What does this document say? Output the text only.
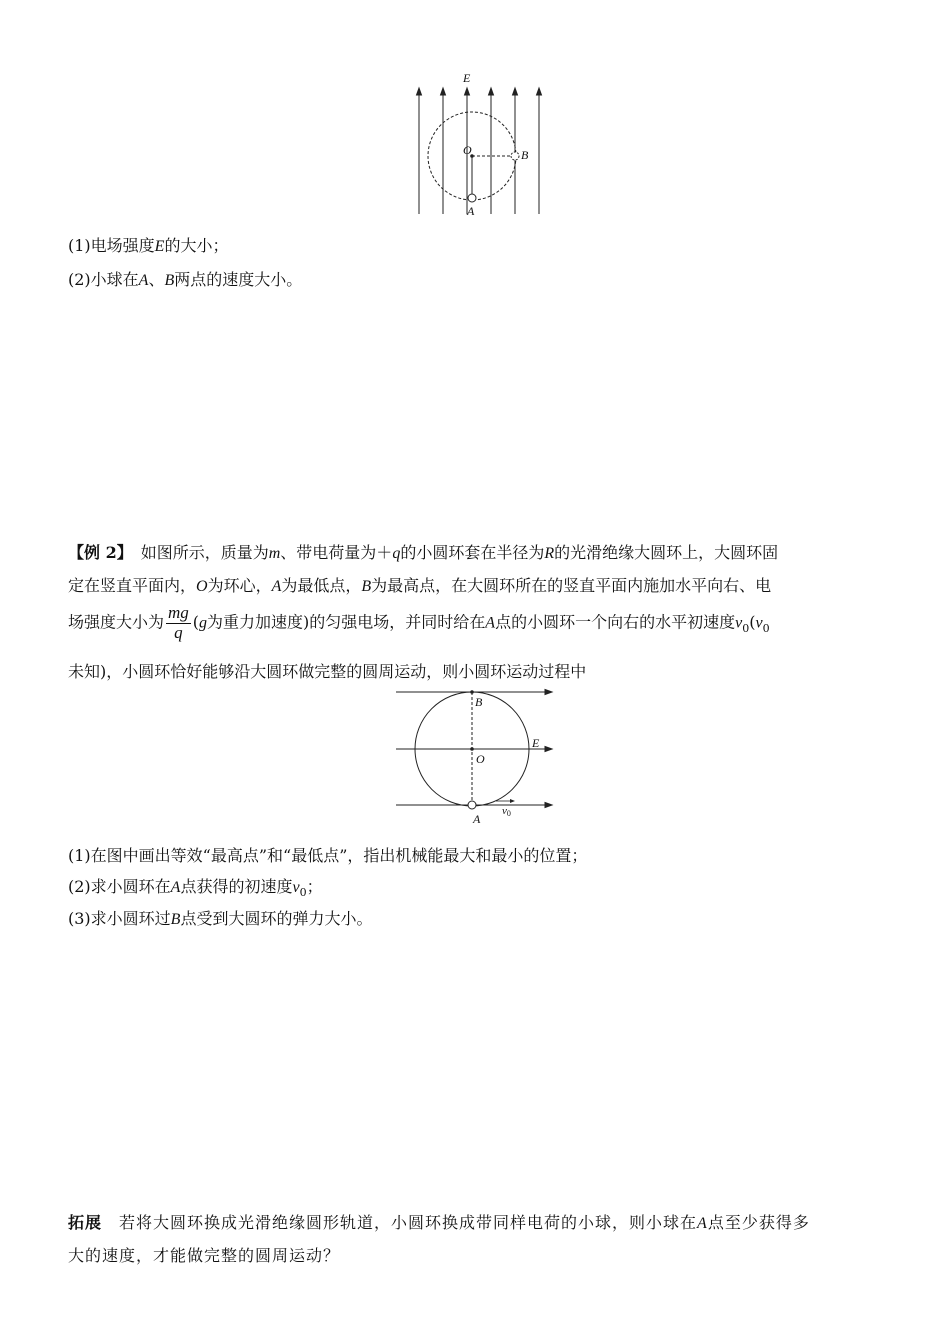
E
O	B
A
(1)电场强度E的大小；
(2)小球在A、B两点的速度大小。
【例 2】　如图所示，质量为m、带电荷量为＋q的小圆环套在半径为R的光滑绝缘大圆环上，大圆环固
定在竖直平面内，O为环心，A为最低点，B为最高点，在大圆环所在的竖直平面内施加水平向右、电
场强度大小为 $\frac{mg}{q} (g$为重力加速度)的匀强电场，并同时给在A点的小圆环一个向右的水平初速度$v_0(v_0$
未知)，小圆环恰好能够沿大圆环做完整的圆周运动，则小圆环运动过程中
B
O
E
A
v0
(1)在图中画出等效“最高点”和“最低点”，指出机械能最大和最小的位置；
(2)求小圆环在A点获得的初速度$v_0$；
(3)求小圆环过B点受到大圆环的弹力大小。
拓展　若将大圆环换成光滑绝缘圆形轨道，小圆环换成带同样电荷的小球，则小球在A点至少获得多
大的速度，才能做完整的圆周运动？
